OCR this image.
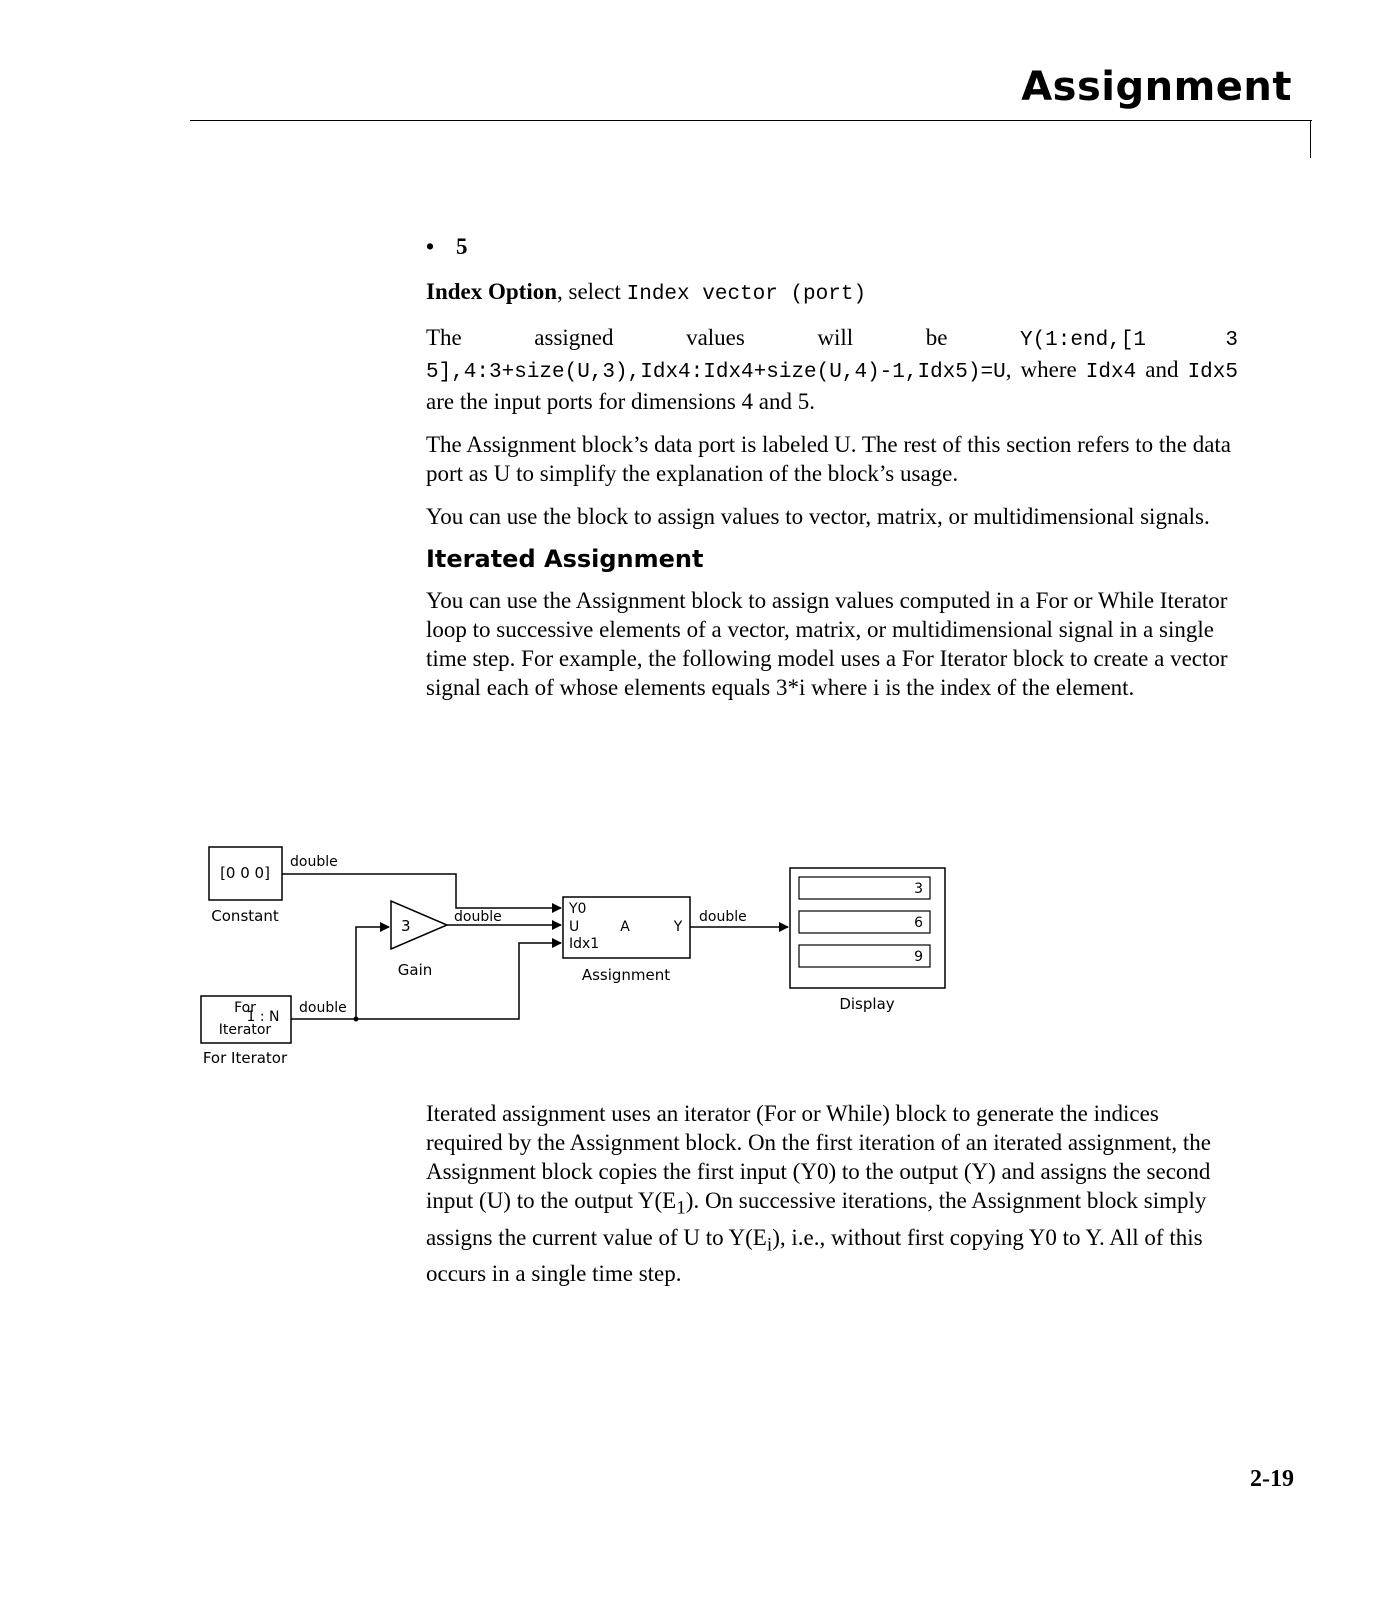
Assignment
• 5

Index Option, select Index vector (port)

The assigned values will be Y(1:end,[1 3 5],4:3+size(U,3),Idx4:Idx4+size(U,4)-1,Idx5)=U, where Idx4 and Idx5 are the input ports for dimensions 4 and 5.

The Assignment block’s data port is labeled U. The rest of this section refers to the data port as U to simplify the explanation of the block’s usage.

You can use the block to assign values to vector, matrix, or multidimensional signals.

Iterated Assignment

You can use the Assignment block to assign values computed in a For or While Iterator loop to successive elements of a vector, matrix, or multidimensional signal in a single time step. For example, the following model uses a For Iterator block to create a vector signal each of whose elements equals 3*i where i is the index of the element.

[0 0 0]
Constant
3
Gain
For
1 : N
Iterator
For Iterator
Y0
U
Idx1
A	Y
Assignment
3
6
9
Display
double
double
double
double

Iterated assignment uses an iterator (For or While) block to generate the indices required by the Assignment block. On the first iteration of an iterated assignment, the Assignment block copies the first input (Y0) to the output (Y) and assigns the second input (U) to the output $Y(E_1)$. On successive iterations, the Assignment block simply assigns the current value of U to $Y(E_i)$, i.e., without first copying Y0 to Y. All of this occurs in a single time step.

2-19
